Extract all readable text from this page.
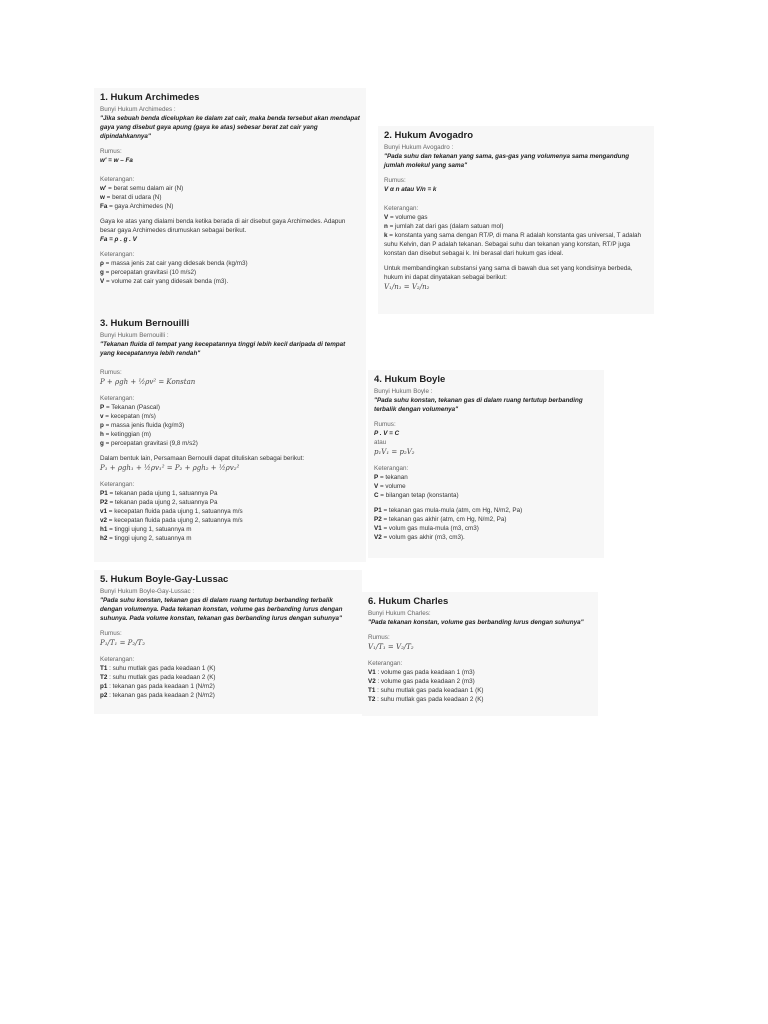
1. Hukum Archimedes
Bunyi Hukum Archimedes :
"Jika sebuah benda dicelupkan ke dalam zat cair, maka benda tersebut akan mendapat gaya yang disebut gaya apung (gaya ke atas) sebesar berat zat cair yang dipindahkannya"
Rumus:
w' = w – Fa
Keterangan:
w' = berat semu dalam air (N)
w = berat di udara (N)
Fa = gaya Archimedes (N)
Gaya ke atas yang dialami benda ketika berada di air disebut gaya Archimedes. Adapun besar gaya Archimedes dirumuskan sebagai berikut.
Fa = ρ . g . V
Keterangan:
ρ = massa jenis zat cair yang didesak benda (kg/m3)
g = percepatan gravitasi (10 m/s2)
V = volume zat cair yang didesak benda (m3).
2. Hukum Avogadro
Bunyi Hukum Avogadro :
"Pada suhu dan tekanan yang sama, gas-gas yang volumenya sama mengandung jumlah molekul yang sama"
Rumus:
V α n atau V/n = k
Keterangan:
V = volume gas
n = jumlah zat dari gas (dalam satuan mol)
k = konstanta yang sama dengan RT/P, di mana R adalah konstanta gas universal, T adalah suhu Kelvin, dan P adalah tekanan. Sebagai suhu dan tekanan yang konstan, RT/P juga konstan dan disebut sebagai k. Ini berasal dari hukum gas ideal.
Untuk membandingkan substansi yang sama di bawah dua set yang kondisinya berbeda, hukum ini dapat dinyatakan sebagai berikut:
V₁/n₁ = V₂/n₂
3. Hukum Bernouilli
Bunyi Hukum Bernouilli :
"Tekanan fluida di tempat yang kecepatannya tinggi lebih kecil daripada di tempat yang kecepatannya lebih rendah"
Rumus:
P + ρgh + ½ρv² = Konstan
Keterangan:
P = Tekanan (Pascal)
v = kecepatan (m/s)
p = massa jenis fluida (kg/m3)
h = ketinggian (m)
g = percepatan gravitasi (9,8 m/s2)
Dalam bentuk lain, Persamaan Bernoulli dapat dituliskan sebagai berikut:
P₁ + ρgh₁ + ½ρv₁² = P₂ + ρgh₂ + ½ρv₂²
Keterangan:
P1 = tekanan pada ujung 1, satuannya Pa
P2 = tekanan pada ujung 2, satuannya Pa
v1 = kecepatan fluida pada ujung 1, satuannya m/s
v2 = kecepatan fluida pada ujung 2, satuannya m/s
h1 = tinggi ujung 1, satuannya m
h2 = tinggi ujung 2, satuannya m
4. Hukum Boyle
Bunyi Hukum Boyle :
"Pada suhu konstan, tekanan gas di dalam ruang tertutup berbanding terbalik dengan volumenya"
Rumus:
P . V = C
atau
p₁V₁ = p₂V₂
Keterangan:
P = tekanan
V = volume
C = bilangan tetap (konstanta)
P1 = tekanan gas mula-mula (atm, cm Hg, N/m2, Pa)
P2 = tekanan gas akhir (atm, cm Hg, N/m2, Pa)
V1 = volum gas mula-mula (m3, cm3)
V2 = volum gas akhir (m3, cm3).
5. Hukum Boyle-Gay-Lussac
Bunyi Hukum Boyle-Gay-Lussac :
"Pada suhu konstan, tekanan gas di dalam ruang tertutup berbanding terbalik dengan volumenya. Pada tekanan konstan, volume gas berbanding lurus dengan suhunya. Pada volume konstan, tekanan gas berbanding lurus dengan suhunya"
Rumus:
P₁/T₁ = P₂/T₂
Keterangan:
T1 : suhu mutlak gas pada keadaan 1 (K)
T2 : suhu mutlak gas pada keadaan 2 (K)
p1 : tekanan gas pada keadaan 1 (N/m2)
p2 : tekanan gas pada keadaan 2 (N/m2)
6. Hukum Charles
Bunyi Hukum Charles:
"Pada tekanan konstan, volume gas berbanding lurus dengan suhunya"
Rumus:
V₁/T₁ = V₂/T₂
Keterangan:
V1 : volume gas pada keadaan 1 (m3)
V2 : volume gas pada keadaan 2 (m3)
T1 : suhu mutlak gas pada keadaan 1 (K)
T2 : suhu mutlak gas pada keadaan 2 (K)
